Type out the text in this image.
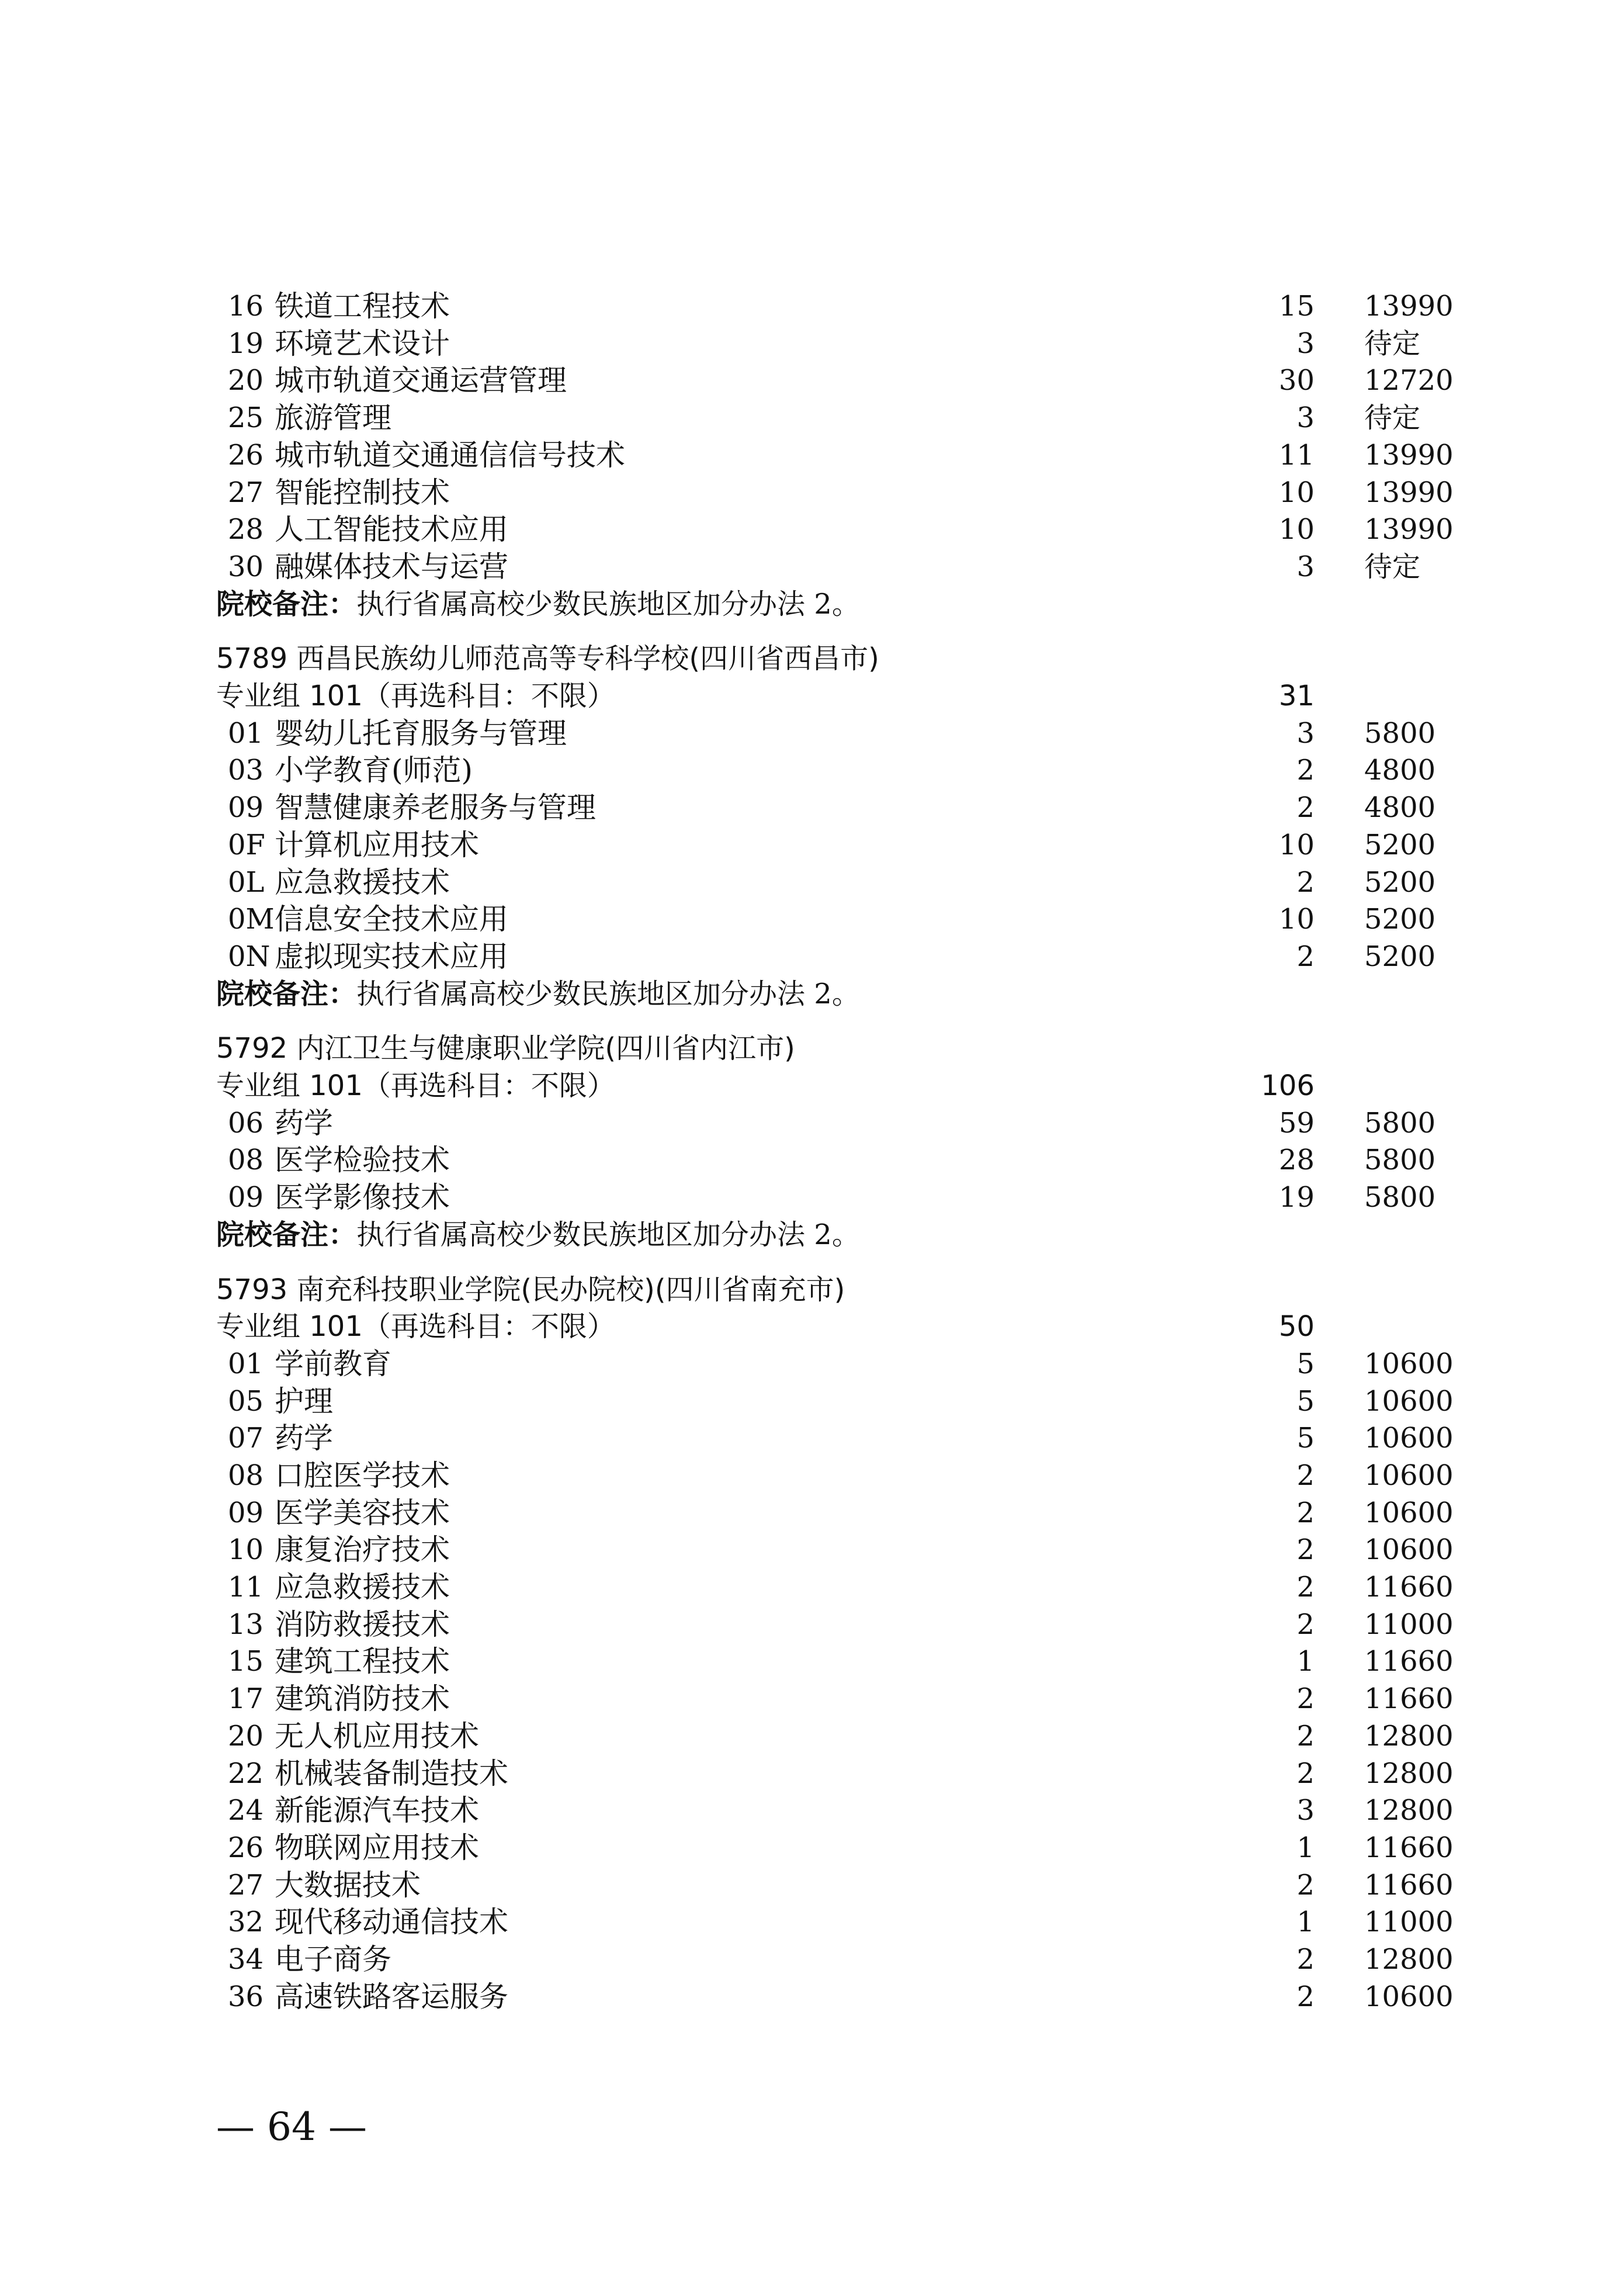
16 铁道工程技术	15 13990
19 环境艺术设计	3 待定
20 城市轨道交通运营管理	30 12720
25 旅游管理	3 待定
26 城市轨道交通通信信号技术	11 13990
27 智能控制技术	10 13990
28 人工智能技术应用	10 13990
30 融媒体技术与运营	3 待定
院校备注：执行省属高校少数民族地区加分办法 2。
5789 西昌民族幼儿师范高等专科学校(四川省西昌市)
专业组 101（再选科目：不限）	31
01 婴幼儿托育服务与管理	3 5800
03 小学教育(师范)	2 4800
09 智慧健康养老服务与管理	2 4800
0F 计算机应用技术	10 5200
0L 应急救援技术	2 5200
0M 信息安全技术应用	10 5200
0N 虚拟现实技术应用	2 5200
院校备注：执行省属高校少数民族地区加分办法 2。
5792 内江卫生与健康职业学院(四川省内江市)
专业组 101（再选科目：不限）	106
06 药学	59 5800
08 医学检验技术	28 5800
09 医学影像技术	19 5800
院校备注：执行省属高校少数民族地区加分办法 2。
5793 南充科技职业学院(民办院校)(四川省南充市)
专业组 101（再选科目：不限）	50
01 学前教育	5 10600
05 护理	5 10600
07 药学	5 10600
08 口腔医学技术	2 10600
09 医学美容技术	2 10600
10 康复治疗技术	2 10600
11 应急救援技术	2 11660
13 消防救援技术	2 11000
15 建筑工程技术	1 11660
17 建筑消防技术	2 11660
20 无人机应用技术	2 12800
22 机械装备制造技术	2 12800
24 新能源汽车技术	3 12800
26 物联网应用技术	1 11660
27 大数据技术	2 11660
32 现代移动通信技术	1 11000
34 电子商务	2 12800
36 高速铁路客运服务	2 10600
— 64 —
